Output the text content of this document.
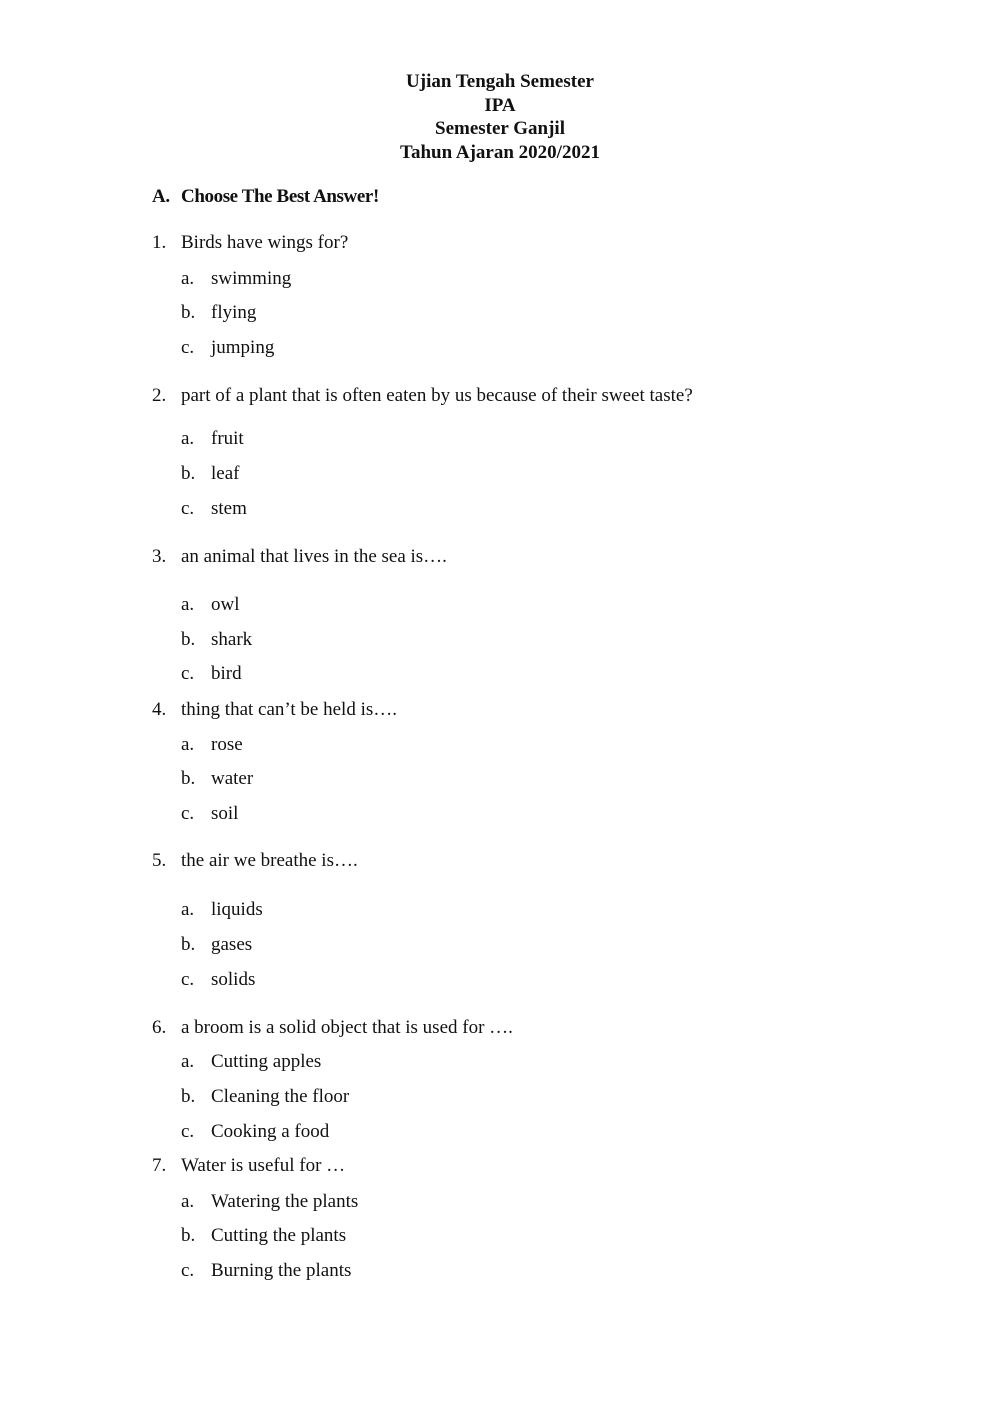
Ujian Tengah Semester
IPA
Semester Ganjil
Tahun Ajaran 2020/2021
A. Choose The Best Answer!
1. Birds have wings for?
a. swimming
b. flying
c. jumping
2. part of a plant that is often eaten by us because of their sweet taste?
a. fruit
b. leaf
c. stem
3. an animal that lives in the sea is….
a. owl
b. shark
c. bird
4. thing that can’t be held is….
a. rose
b. water
c. soil
5. the air we breathe is….
a. liquids
b. gases
c. solids
6. a broom is a solid object that is used for ….
a. Cutting apples
b. Cleaning the floor
c. Cooking a food
7. Water is useful for …
a. Watering the plants
b. Cutting the plants
c. Burning the plants
